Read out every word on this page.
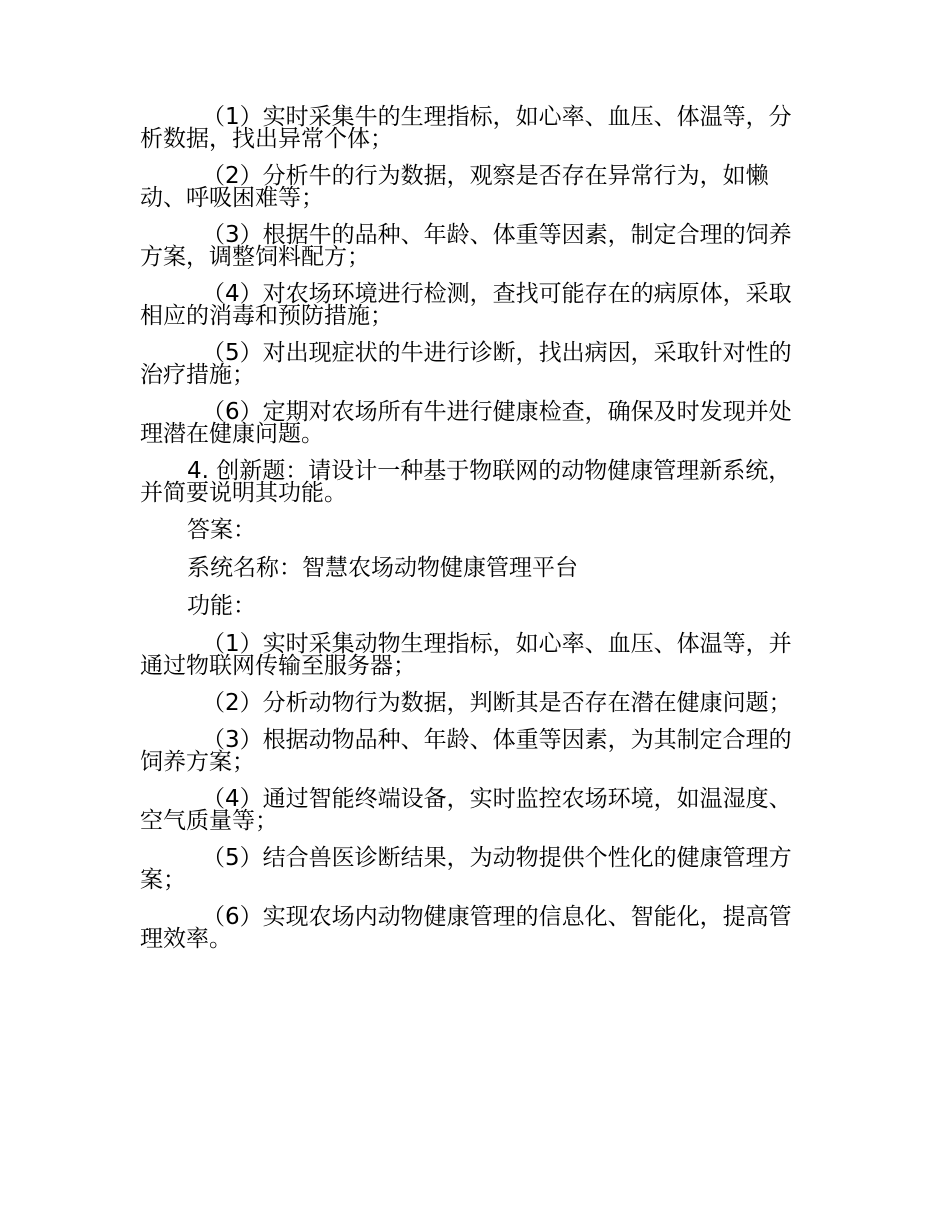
（1）实时采集牛的生理指标，如心率、血压、体温等，分析数据，找出异常个体；

（2）分析牛的行为数据，观察是否存在异常行为，如懒动、呼吸困难等；

（3）根据牛的品种、年龄、体重等因素，制定合理的饲养方案，调整饲料配方；

（4）对农场环境进行检测，查找可能存在的病原体，采取相应的消毒和预防措施；

（5）对出现症状的牛进行诊断，找出病因，采取针对性的治疗措施；

（6）定期对农场所有牛进行健康检查，确保及时发现并处理潜在健康问题。

4. 创新题：请设计一种基于物联网的动物健康管理新系统，并简要说明其功能。

答案：

系统名称：智慧农场动物健康管理平台

功能：

（1）实时采集动物生理指标，如心率、血压、体温等，并通过物联网传输至服务器；

（2）分析动物行为数据，判断其是否存在潜在健康问题；

（3）根据动物品种、年龄、体重等因素，为其制定合理的饲养方案；

（4）通过智能终端设备，实时监控农场环境，如温湿度、空气质量等；

（5）结合兽医诊断结果，为动物提供个性化的健康管理方案；

（6）实现农场内动物健康管理的信息化、智能化，提高管理效率。
